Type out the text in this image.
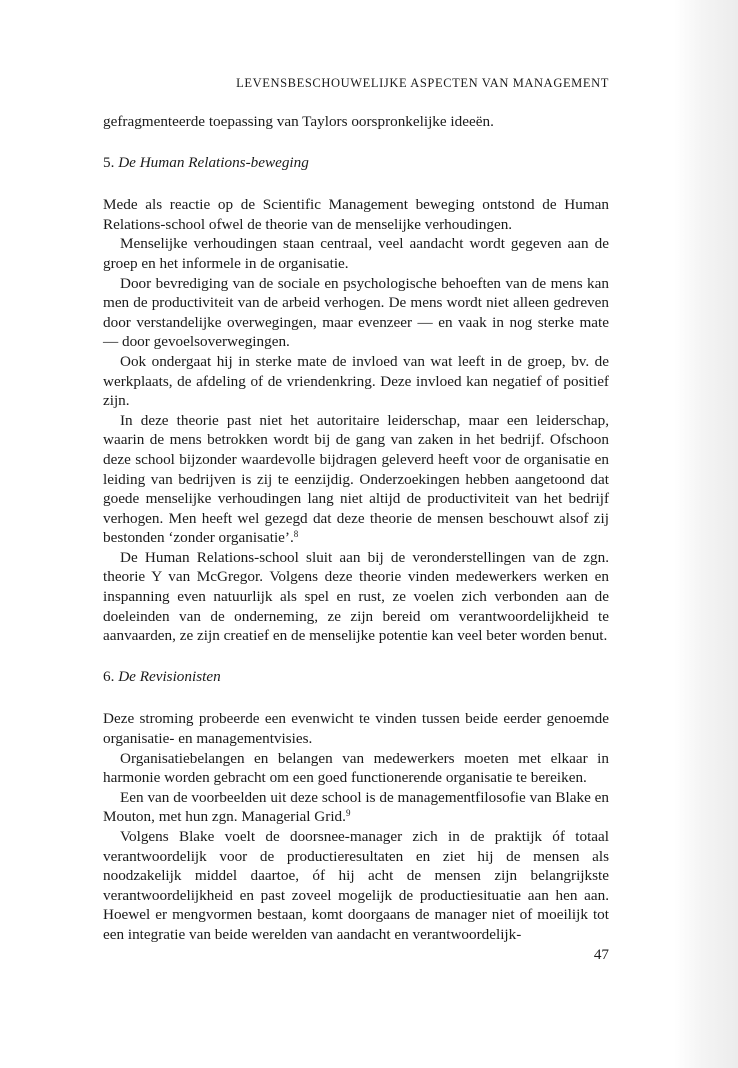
LEVENSBESCHOUWELIJKE ASPECTEN VAN MANAGEMENT

gefragmenteerde toepassing van Taylors oorspronkelijke ideeën.

5. De Human Relations-beweging

Mede als reactie op de Scientific Management beweging ontstond de Human Relations-school ofwel de theorie van de menselijke verhoudingen.

Menselijke verhoudingen staan centraal, veel aandacht wordt gegeven aan de groep en het informele in de organisatie.

Door bevrediging van de sociale en psychologische behoeften van de mens kan men de productiviteit van de arbeid verhogen. De mens wordt niet alleen gedreven door verstandelijke overwegingen, maar evenzeer — en vaak in nog sterke mate — door gevoelsoverwegingen.

Ook ondergaat hij in sterke mate de invloed van wat leeft in de groep, bv. de werkplaats, de afdeling of de vriendenkring. Deze invloed kan negatief of positief zijn.

In deze theorie past niet het autoritaire leiderschap, maar een leiderschap, waarin de mens betrokken wordt bij de gang van zaken in het bedrijf. Ofschoon deze school bijzonder waardevolle bijdragen geleverd heeft voor de organisatie en leiding van bedrijven is zij te eenzijdig. Onderzoekingen hebben aangetoond dat goede menselijke verhoudingen lang niet altijd de productiviteit van het bedrijf verhogen. Men heeft wel gezegd dat deze theorie de mensen beschouwt alsof zij bestonden ‘zonder organisatie’.$^8$

De Human Relations-school sluit aan bij de veronderstellingen van de zgn. theorie Y van McGregor. Volgens deze theorie vinden medewerkers werken en inspanning even natuurlijk als spel en rust, ze voelen zich verbonden aan de doeleinden van de onderneming, ze zijn bereid om verantwoordelijkheid te aanvaarden, ze zijn creatief en de menselijke potentie kan veel beter worden benut.

6. De Revisionisten

Deze stroming probeerde een evenwicht te vinden tussen beide eerder genoemde organisatie- en managementvisies.

Organisatiebelangen en belangen van medewerkers moeten met elkaar in harmonie worden gebracht om een goed functionerende organisatie te bereiken.

Een van de voorbeelden uit deze school is de managementfilosofie van Blake en Mouton, met hun zgn. Managerial Grid.$^9$

Volgens Blake voelt de doorsnee-manager zich in de praktijk óf totaal verantwoordelijk voor de productieresultaten en ziet hij de mensen als noodzakelijk middel daartoe, óf hij acht de mensen zijn belangrijkste verantwoordelijkheid en past zoveel mogelijk de productiesituatie aan hen aan. Hoewel er mengvormen bestaan, komt doorgaans de manager niet of moeilijk tot een integratie van beide werelden van aandacht en verantwoordelijk-

47
